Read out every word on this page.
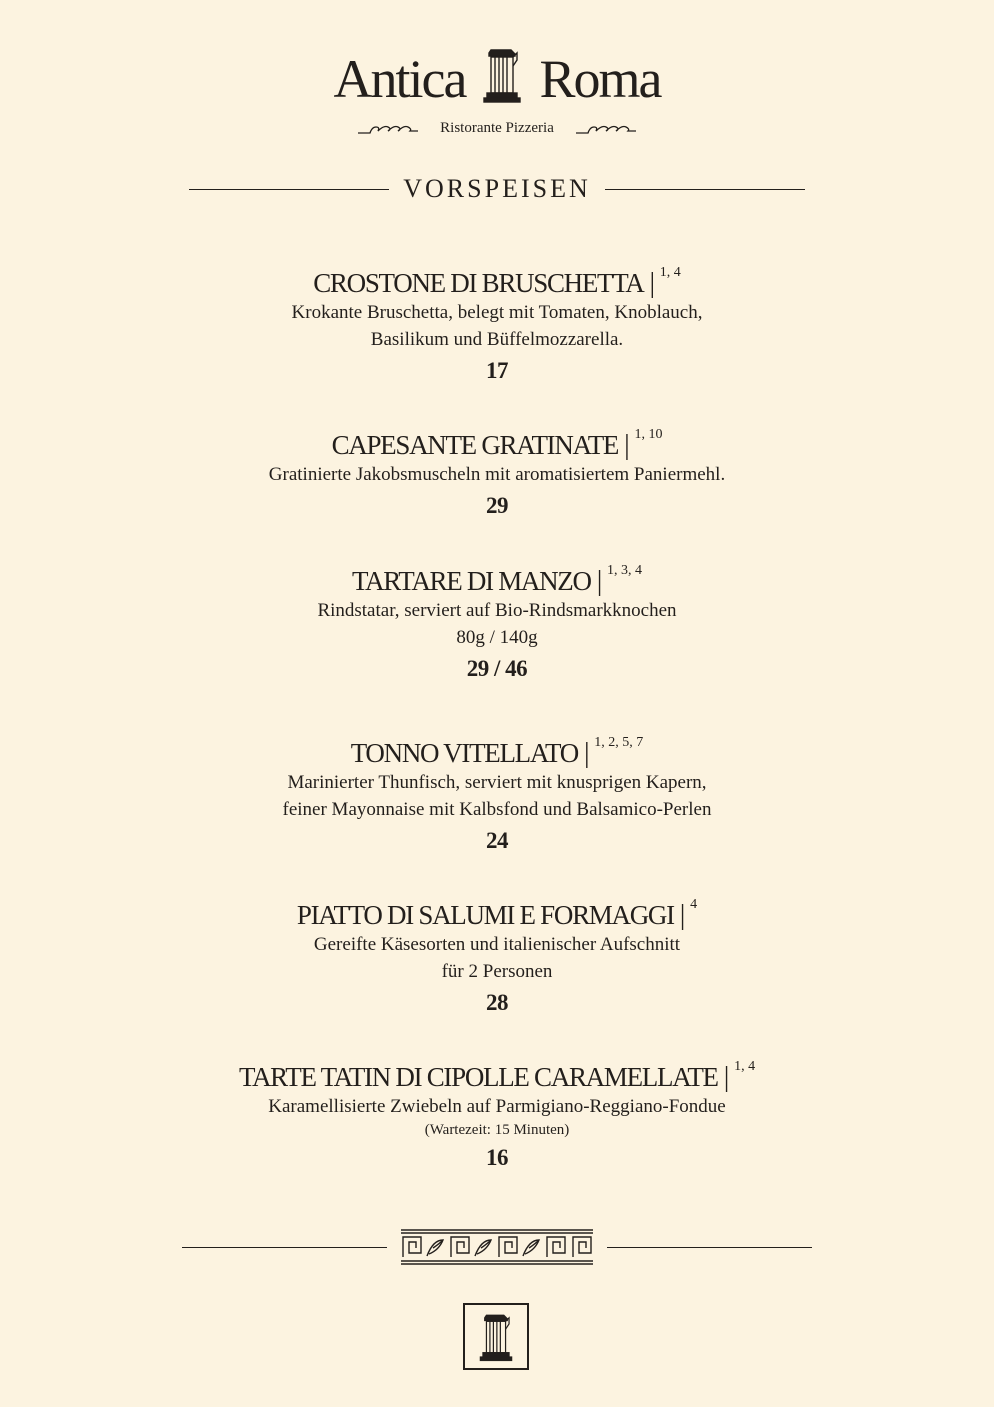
Antica Roma
Ristorante Pizzeria
VORSPEISEN
CROSTONE DI BRUSCHETTA | $^{1, 4}$
Krokante Bruschetta, belegt mit Tomaten, Knoblauch,
Basilikum und Büffelmozzarella.
17
CAPESANTE GRATINATE | $^{1, 10}$
Gratinierte Jakobsmuscheln mit aromatisiertem Paniermehl.
29
TARTARE DI MANZO | $^{1, 3, 4}$
Rindstatar, serviert auf Bio-Rindsmarkknochen
80g / 140g
29 / 46
TONNO VITELLATO | $^{1, 2, 5, 7}$
Marinierter Thunfisch, serviert mit knusprigen Kapern,
feiner Mayonnaise mit Kalbsfond und Balsamico-Perlen
24
PIATTO DI SALUMI E FORMAGGI | $^4$
Gereifte Käsesorten und italienischer Aufschnitt
für 2 Personen
28
TARTE TATIN DI CIPOLLE CARAMELLATE | $^{1, 4}$
Karamellisierte Zwiebeln auf Parmigiano-Reggiano-Fondue
(Wartezeit: 15 Minuten)
16
